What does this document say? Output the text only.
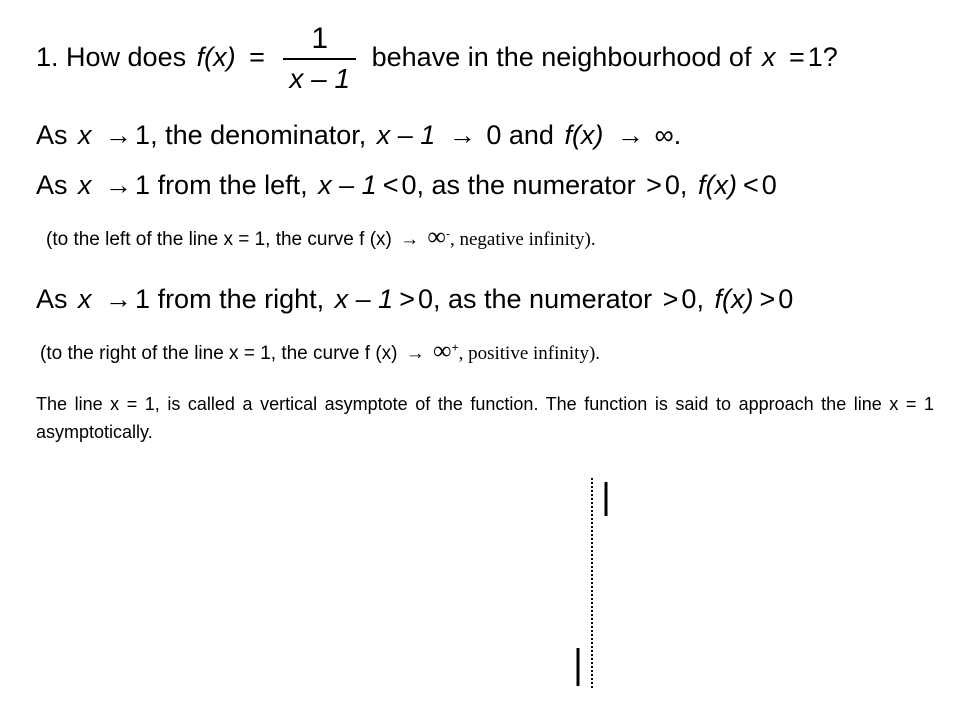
1. How does $f(x) = \frac{1}{x - 1}$ behave in the neighbourhood of x = 1?
As x → 1, the denominator, x – 1 → 0 and f(x) → ∞.
As x → 1 from the left, x – 1 < 0, as the numerator > 0, f(x) < 0
(to the left of the line x = 1, the curve f (x) → ∞-, negative infinity).
As x → 1 from the right, x – 1 > 0, as the numerator > 0, f(x) > 0
(to the right of the line x = 1, the curve f (x) → ∞+, positive infinity).
The line x = 1, is called a vertical asymptote of the function. The function is said to approach the line x = 1 asymptotically.
